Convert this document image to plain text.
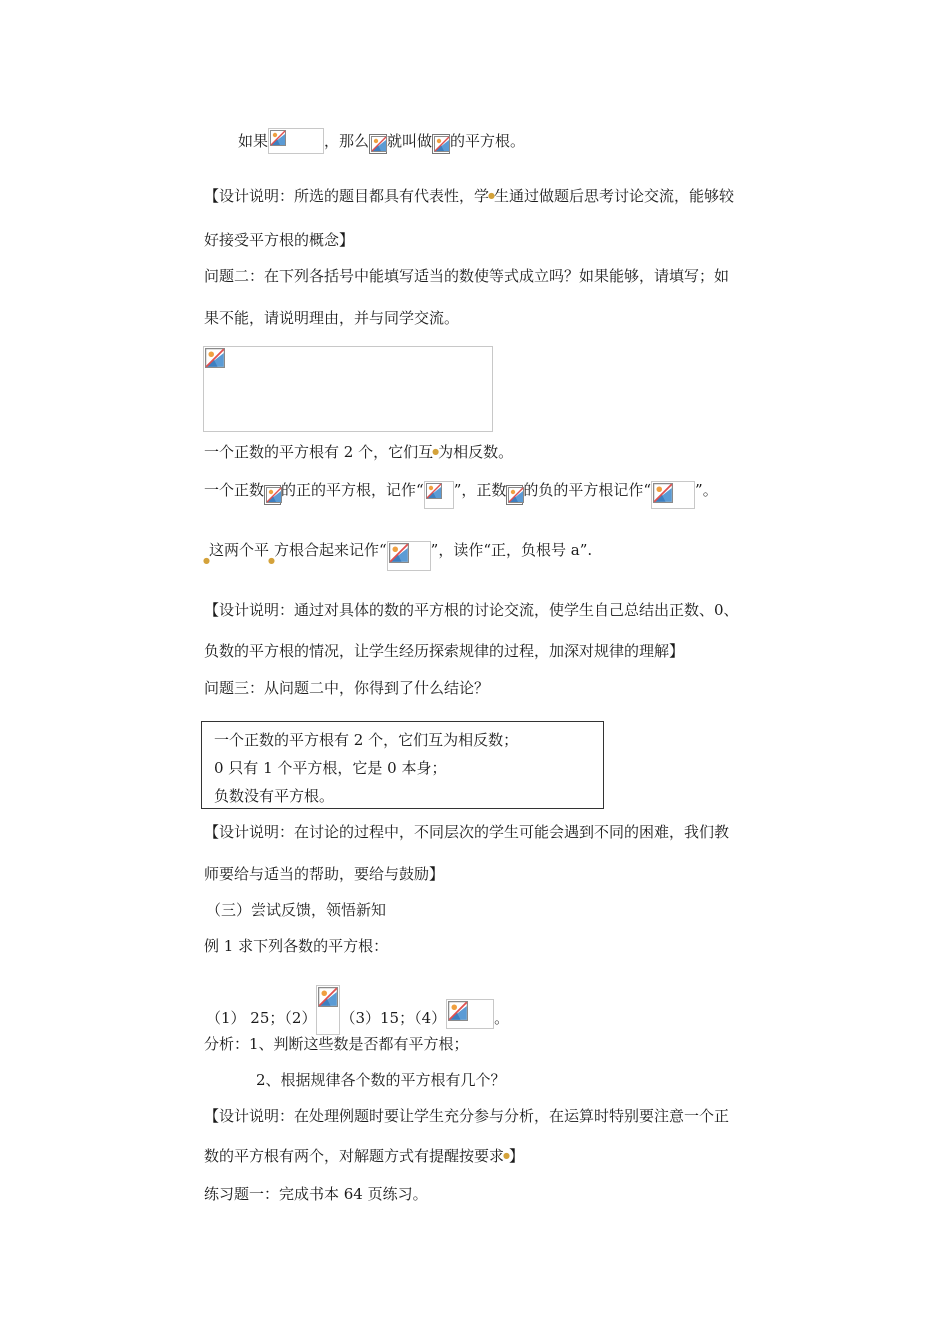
如果	，那么 就叫做 的平方根。
【设计说明：所选的题目都具有代表性，学●生通过做题后思考讨论交流，能够较
好接受平方根的概念】
问题二：在下列各括号中能填写适当的数使等式成立吗？如果能够，请填写；如
果不能，请说明理由，并与同学交流。
一个正数的平方根有 2 个，它们互●为相反数。
一个正数 的正的平方根，记作“ ”，正数 的负的平方根记作“	”。
●这两个平●方根合起来记作“	”，读作“正，负根号 a”.
【设计说明：通过对具体的数的平方根的讨论交流，使学生自己总结出正数、0、
负数的平方根的情况，让学生经历探索规律的过程，加深对规律的理解】
问题三：从问题二中，你得到了什么结论？
一个正数的平方根有 2 个，它们互为相反数；
0 只有 1 个平方根，它是 0 本身；
负数没有平方根。
【设计说明：在讨论的过程中，不同层次的学生可能会遇到不同的困难，我们教
师要给与适当的帮助，要给与鼓励】
（三）尝试反馈，领悟新知
例 1 求下列各数的平方根：
（1） 25；（2） （3）15；（4）	。
分析：1、判断这些数是否都有平方根；
2、根据规律各个数的平方根有几个？
【设计说明：在处理例题时要让学生充分参与分析，在运算时特别要注意一个正
数的平方根有两个，对解题方式有提醒按要求●】
练习题一：完成书本 64 页练习。
